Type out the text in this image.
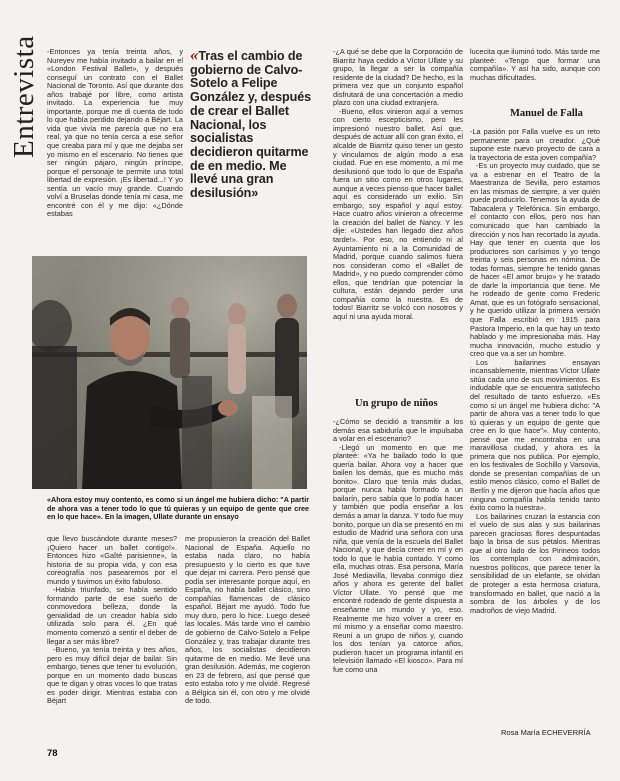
Entrevista -Entonces ya tenía treinta años, y Nureyev me había invitado a bailar en el «London Festival Ballet», y después conseguí un contrato con el Ballet Nacional de Toronto. Así que durante dos años trabajé por libre, como artista invitado. La experiencia fue muy importante, porque me di cuenta de todo lo que había perdido dejando a Béjart. La vida que vivía me parecía que no era real, ya que no tenía cerca a ese señor que creaba para mí y que me dejaba ser yo mismo en el escenario. No tienes que ser ningún pájaro, ningún príncipe, porque el personaje te permite una total libertad de expresión. ¡Es libertad...! Y yo sentía un vacío muy grande. Cuando volví a Bruselas donde tenía mi casa, me encontré con él y me dijo: «¿Dónde estabas

«Tras el cambio de gobierno de Calvo-Sotelo a Felipe González y, después de crear el Ballet Nacional, los socialistas decidieron quitarme de en medio. Me llevé una gran desilusión»
«Ahora estoy muy contento, es como si un ángel me hubiera dicho: "A partir de ahora vas a tener todo lo que tú quieras y un equipo de gente que cree en lo que hace». En la imagen, Ullate durante un ensayo

que llevo buscándote durante meses? ¡Quiero hacer un ballet contigo!». Entonces hizo «Gaîté parisienne», la historia de su propia vida, y con esa coreografía nos pasearemos por el mundo y tuvimos un éxito fabuloso.

-Había triunfado, se había sentido formando parte de ese sueño de conmovedora belleza, donde la genialidad de un creador había sido utilizada solo para él. ¿En qué momento comenzó a sentir el deber de llegar a ser más libre?

-Bueno, ya tenía treinta y tres años, pero es muy difícil dejar de bailar. Sin embargo, tienes que tener tu evolución, porque en un momento dado buscas que te digan y otras voces lo que tratas es poder dirigir. Mientras estaba con Béjart

me propusieron la creación del Ballet Nacional de España. Aquello no estaba nada claro, no había presupuesto y lo cierto es que tuve que dejar mi carrera. Pero pensé que podía ser interesante porque aquí, en España, no había ballet clásico, sino compañías flamencas de clásico español. Béjart me ayudó. Todo fue muy duro, pero lo hice. Luego deseé las locales. Más tarde vino el cambio de gobierno de Calvo-Sotelo a Felipe González y, tras trabajar durante tres años, los socialistas decidieron quitarme de en medio. Me llevé una gran desilusión. Además, me cogieron en 23 de febrero, así que pensé que esto estaba roto y me olvidé. Regresé a Bélgica sin él, con otro y me olvidé de todo.

-¿A qué se debe que la Corporación de Biarritz haya cedido a Víctor Ullate y su grupo, la llegar a ser la compañía residente de la ciudad? De hecho, es la primera vez que un conjunto español disfrutará de una concertación a medio plazo con una ciudad extranjera.

-Bueno, ellos vinieron aquí a vernos con cierto escepticismo, pero les impresionó nuestro ballet. Así que, después de actuar allí con gran éxito, el alcalde de Biarritz quiso tener un gesto y vincularnos de algún modo a esa ciudad. Fue en ese momento, a mí me desilusionó que todo lo que de España fuera un sitio como en otros lugares, aunque a veces pienso que hacer ballet aquí es considerado un exilio. Sin embargo, soy español y aquí estoy. Hace cuatro años vinieron a ofrecerme la creación del ballet de Nancy. Y les dije: «Ustedes han llegado diez años tarde!». Por eso, no entiendo ni al Ayuntamiento ni a la Comunidad de Madrid, porque cuando salimos fuera nos consideran como el «Ballet de Madrid», y no puedo comprender cómo ellos, que tendrían que potenciar la cultura, están dejando perder una compañía como la nuestra. Es de todos! Biarritz se volcó con nosotros y aquí ni una ayuda moral.

Un grupo de niños

-¿Cómo se decidió a transmitir a los demás esa sabiduría que le impulsaba a volar en el escenario?

-Llegó un momento en que me planteé: «Ya he bailado todo lo que quería bailar. Ahora voy a hacer que bailen los demás, que es mucho más bonito». Claro que tenía más dudas, porque nunca había formado a un bailarín, pero sabía que lo podía hacer y también que podía enseñar a los demás a amar la danza. Y todo fue muy bonito, porque un día se presentó en mi estudio de Madrid una señora con una niña, que venía de la escuela del Ballet Nacional, y que decía creer en mí y en todo lo que le había contado. Y como ella, muchas otras. Esa persona, María José Mediavilla, llevaba conmigo diez años y ahora es gerente del ballet Víctor Ullate. Yo pensé que me encontré rodeado de gente dispuesta a enseñarme un mundo y yo, eso. Realmente me hizo volver a creer en mí mismo y a enseñar como maestro. Reuní a un grupo de niños y, cuando los dos tenían ya catorce años, pudieron hacer un programa infantil en televisión llamado «El kiosco». Para mí fue como una

lucecita que iluminó todo. Más tarde me planteé: «Tengo que formar una compañía». Y así ha sido, aunque con muchas dificultades.

Manuel de Falla

-La pasión por Falla vuelve es un reto permanente para un creador. ¿Qué supone este nuevo proyecto de cara a la trayectoria de esta joven compañía?

-Es un proyecto muy cuidado, que se va a estrenar en el Teatro de la Maestranza de Sevilla, pero estamos en las mismas de siempre, a ver quién puede producirlo. Tenemos la ayuda de Tabacalera y Telefónica. Sin embargo, el contacto con ellos, pero nos han comunicado que han cambiado la dirección y nos han recortado la ayuda. Hay que tener en cuenta que los productores son carísimos y yo tengo treinta y seis personas en nómina. De todas formas, siempre he tenido ganas de hacer «El amor brujo» y he tratado de darle la importancia que tiene. Me he rodeado de gente como Frederic Amat, que es un fotógrafo sensacional, y he querido utilizar la primera versión que Falla escribió en 1915 para Pastora Imperio, en la que hay un texto hablado y me impresionaba más. Hay mucha innovación, mucho estudio y creo que va a ser un hombre.

Los bailarines ensayan incansablemente, mientras Víctor Ullate sitúa cada uno de sus movimientos. Es indudable que se encuentra satisfecho del resultado de tanto esfuerzo. «Es como si un ángel me hubiera dicho: "A partir de ahora vas a tener todo lo que tú quieras y un equipo de gente que cree en lo que hace"». Muy contento, pensé que me encontraba en una maravillosa ciudad, y ahora es la primera que nos publica. Por ejemplo, en los festivales de Sochillo y Varsovia, donde se presentan compañías de un estilo menos clásico, como el Ballet de Berlín y me dijeron que hacía años que ninguna compañía había tenido tanto éxito como la nuestra».

Los bailarines cruzan la estancia con el vuelo de sus alas y sus bailarinas parecen graciosas flores despuntadas bajo la brisa de sus pétalos. Mientras que al otro lado de los Pirineos todos los contemplan con admiración, nuestros políticos, que parece tener la sensibilidad de un elefante, se olvidan de proteger a esta hermosa criatura, transformado en ballet, que nació a la sombra de los árboles y de los madroños de viejo Madrid.

Rosa María ECHEVERRÍA
78
